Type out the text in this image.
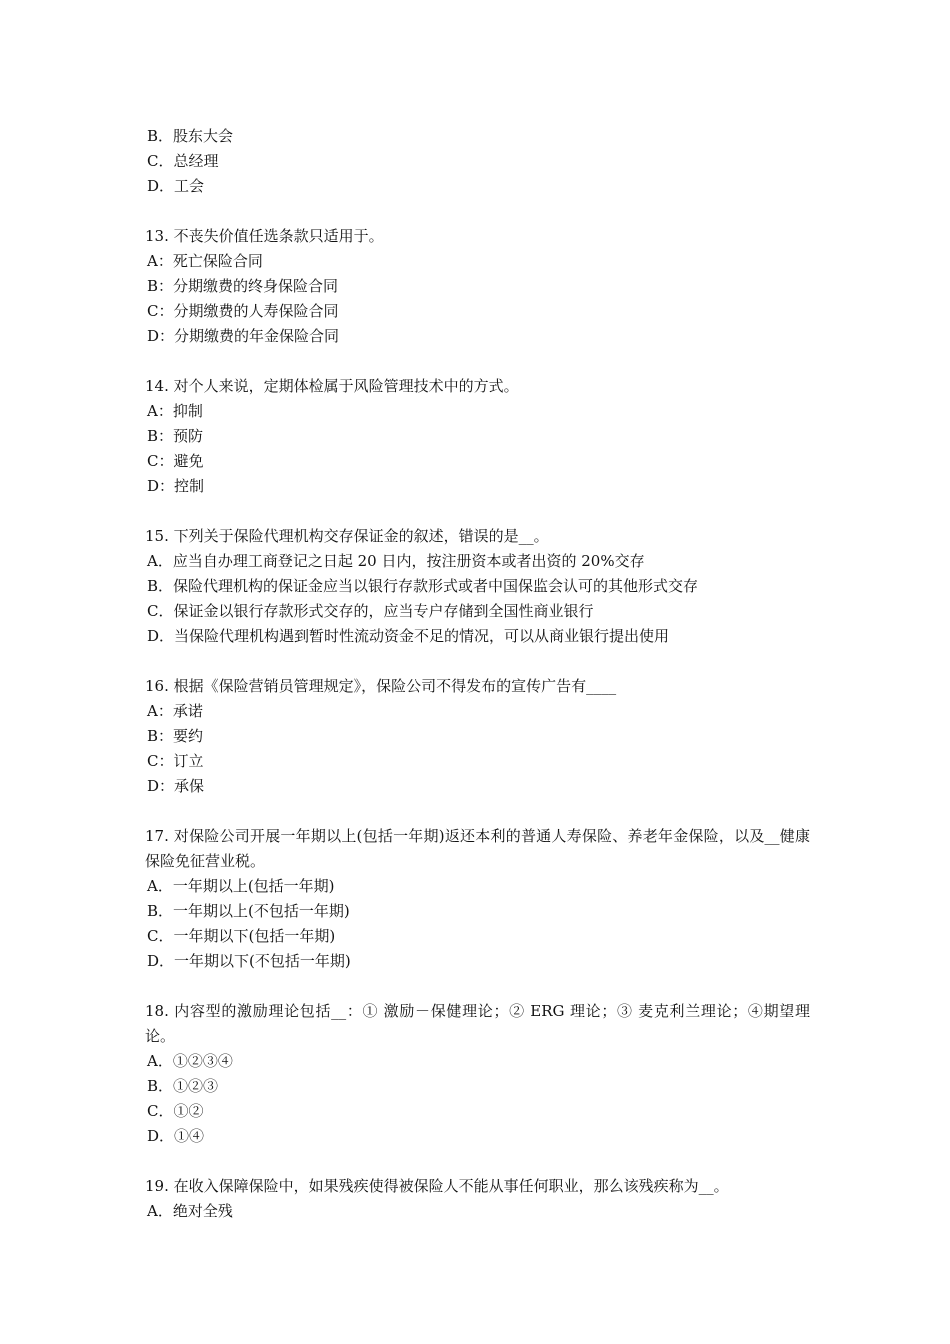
B．股东大会
C．总经理
D．工会
13. 不丧失价值任选条款只适用于。
A：死亡保险合同
B：分期缴费的终身保险合同
C：分期缴费的人寿保险合同
D：分期缴费的年金保险合同
14. 对个人来说，定期体检属于风险管理技术中的方式。
A：抑制
B：预防
C：避免
D：控制
15. 下列关于保险代理机构交存保证金的叙述，错误的是__。
A．应当自办理工商登记之日起 20 日内，按注册资本或者出资的 20%交存
B．保险代理机构的保证金应当以银行存款形式或者中国保监会认可的其他形式交存
C．保证金以银行存款形式交存的，应当专户存储到全国性商业银行
D．当保险代理机构遇到暂时性流动资金不足的情况，可以从商业银行提出使用
16. 根据《保险营销员管理规定》，保险公司不得发布的宣传广告有____
A：承诺
B：要约
C：订立
D：承保
17. 对保险公司开展一年期以上(包括一年期)返还本利的普通人寿保险、养老年金保险，以及__健康保险免征营业税。
A．一年期以上(包括一年期)
B．一年期以上(不包括一年期)
C．一年期以下(包括一年期)
D．一年期以下(不包括一年期)
18. 内容型的激励理论包括__：① 激励－保健理论；② ERG 理论；③ 麦克利兰理论；④期望理论。
A．①②③④
B．①②③
C．①②
D．①④
19. 在收入保障保险中，如果残疾使得被保险人不能从事任何职业，那么该残疾称为__。
A．绝对全残
